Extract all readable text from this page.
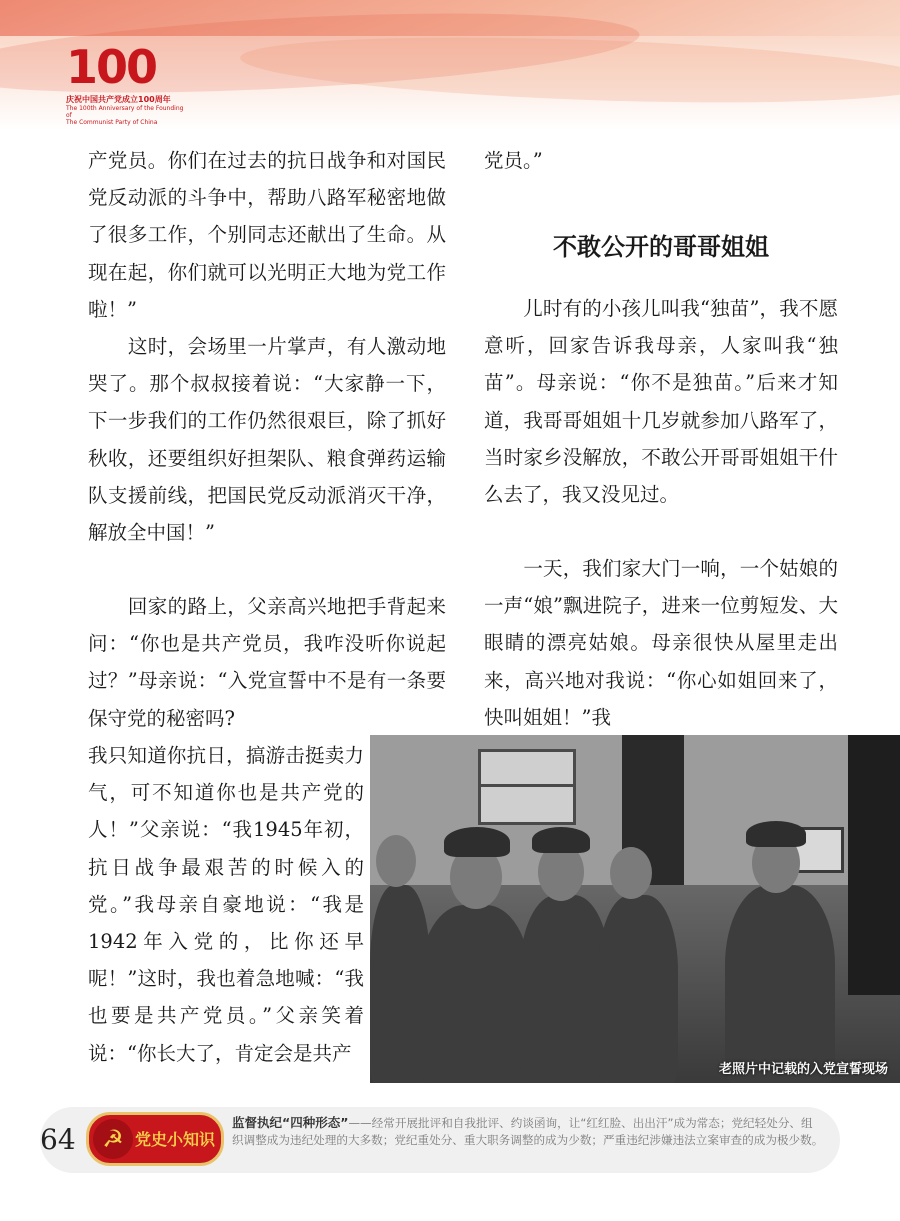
100
庆祝中国共产党成立100周年
The 100th Anniversary of the Founding of
The Communist Party of China

产党员。你们在过去的抗日战争和对国民党反动派的斗争中，帮助八路军秘密地做了很多工作，个别同志还献出了生命。从现在起，你们就可以光明正大地为党工作啦！”

　　这时，会场里一片掌声，有人激动地哭了。那个叔叔接着说：“大家静一下，下一步我们的工作仍然很艰巨，除了抓好秋收，还要组织好担架队、粮食弹药运输队支援前线，把国民党反动派消灭干净，解放全中国！”

　　回家的路上，父亲高兴地把手背起来问：“你也是共产党员，我咋没听你说起过？”母亲说：“入党宣誓中不是有一条要保守党的秘密吗?

我只知道你抗日，搞游击挺卖力气，可不知道你也是共产党的人！”父亲说：“我1945年初，抗日战争最艰苦的时候入的党。”我母亲自豪地说：“我是1942年入党的，比你还早呢！”这时，我也着急地喊：“我也要是共产党员。”父亲笑着说：“你长大了，肯定会是共产

党员。”

不敢公开的哥哥姐姐

　　儿时有的小孩儿叫我“独苗”，我不愿意听，回家告诉我母亲，人家叫我“独苗”。母亲说：“你不是独苗。”后来才知道，我哥哥姐姐十几岁就参加八路军了，当时家乡没解放，不敢公开哥哥姐姐干什么去了，我又没见过。

　　一天，我们家大门一响，一个姑娘的一声“娘”飘进院子，进来一位剪短发、大眼睛的漂亮姑娘。母亲很快从屋里走出来，高兴地对我说：“你心如姐回来了，快叫姐姐！”我

老照片中记载的入党宣誓现场
64	☭ 党史小知识

监督执纪“四种形态”——经常开展批评和自我批评、约谈函询，让“红红脸、出出汗”成为常态；党纪轻处分、组织调整成为违纪处理的大多数；党纪重处分、重大职务调整的成为少数；严重违纪涉嫌违法立案审查的成为极少数。
